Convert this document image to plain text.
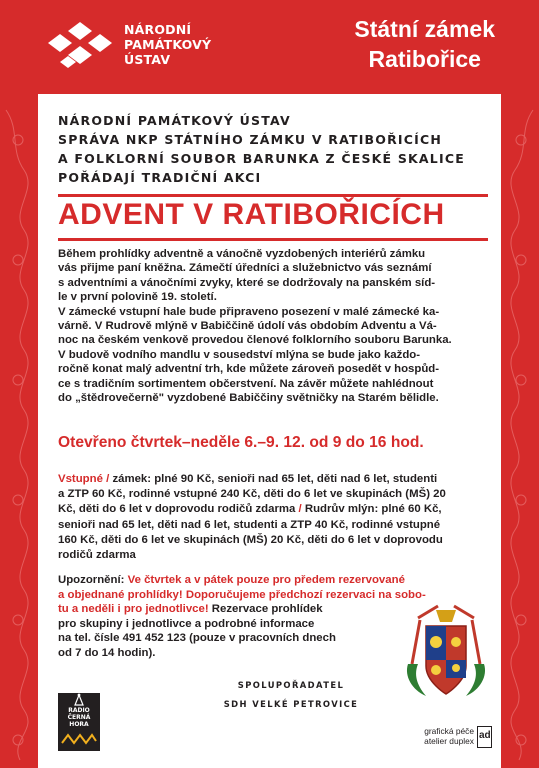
NÁRODNÍ
PAMÁTKOVÝ
ÚSTAV
Státní zámek
Ratibořice
NÁRODNÍ PAMÁTKOVÝ ÚSTAV
SPRÁVA NKP STÁTNÍHO ZÁMKU V RATIBOŘICÍCH
A FOLKLORNÍ SOUBOR BARUNKA Z ČESKÉ SKALICE
POŘÁDAJÍ TRADIČNÍ AKCI
ADVENT V RATIBOŘICÍCH
Během prohlídky adventně a vánočně vyzdobených interiérů zámku
vás přijme paní kněžna. Zámečtí úředníci a služebnictvo vás seznámí
s adventními a vánočními zvyky, které se dodržovaly na panském síd-
le v první polovině 19. století.
V zámecké vstupní hale bude připraveno posezení v malé zámecké ka-
várně. V Rudrově mlýně v Babiččině údolí vás obdobím Adventu a Vá-
noc na českém venkově provedou členové folklorního souboru Barunka.
V budově vodního mandlu v sousedství mlýna se bude jako každo-
ročně konat malý adventní trh, kde můžete zároveň posedět v hospůd-
ce s tradičním sortimentem občerstvení. Na závěr můžete nahlédnout
do „štědrovečerně" vyzdobené Babiččiny světničky na Starém bělidle.
Otevřeno čtvrtek–neděle 6.–9. 12. od 9 do 16 hod.
Vstupné / zámek: plné 90 Kč, senioři nad 65 let, děti nad 6 let, studenti
a ZTP 60 Kč, rodinné vstupné 240 Kč, děti do 6 let ve skupinách (MŠ) 20
Kč, děti do 6 let v doprovodu rodičů zdarma / Rudrův mlýn: plné 60 Kč,
senioři nad 65 let, děti nad 6 let, studenti a ZTP 40 Kč, rodinné vstupné
160 Kč, děti do 6 let ve skupinách (MŠ) 20 Kč, děti do 6 let v doprovodu
rodičů zdarma
Upozornění: Ve čtvrtek a v pátek pouze pro předem rezervované
a objednané prohlídky! Doporučujeme předchozí rezervaci na sobo-
tu a neděli i pro jednotlivce! Rezervace prohlídek
pro skupiny i jednotlivce a podrobné informace
na tel. čísle 491 452 123 (pouze v pracovních dnech
od 7 do 14 hodin).
SPOLUPOŘADATEL
SDH VELKÉ PETROVICE
RADIO
ČERNÁ
HORA
grafická péče
atelier duplex ad
